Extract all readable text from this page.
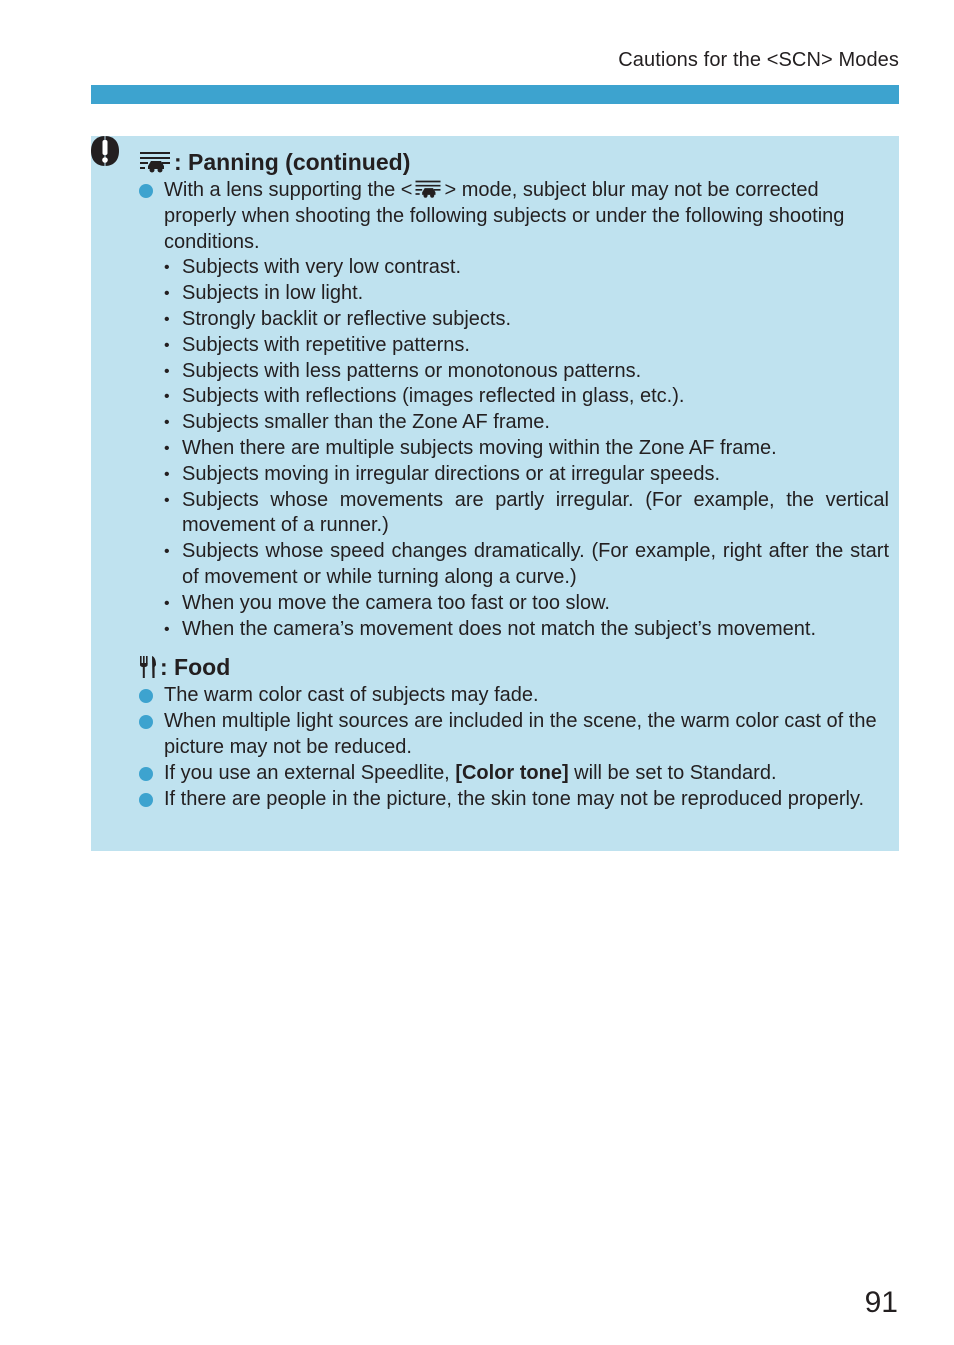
Cautions for the <SCN> Modes
: Panning (continued)
With a lens supporting the < > mode, subject blur may not be corrected properly when shooting the following subjects or under the following shooting conditions.
• Subjects with very low contrast.
• Subjects in low light.
• Strongly backlit or reflective subjects.
• Subjects with repetitive patterns.
• Subjects with less patterns or monotonous patterns.
• Subjects with reflections (images reflected in glass, etc.).
• Subjects smaller than the Zone AF frame.
• When there are multiple subjects moving within the Zone AF frame.
• Subjects moving in irregular directions or at irregular speeds.
• Subjects whose movements are partly irregular. (For example, the vertical movement of a runner.)
• Subjects whose speed changes dramatically. (For example, right after the start of movement or while turning along a curve.)
• When you move the camera too fast or too slow.
• When the camera’s movement does not match the subject’s movement.
: Food
The warm color cast of subjects may fade.
When multiple light sources are included in the scene, the warm color cast of the picture may not be reduced.
If you use an external Speedlite, [Color tone] will be set to Standard.
If there are people in the picture, the skin tone may not be reproduced properly.
91
